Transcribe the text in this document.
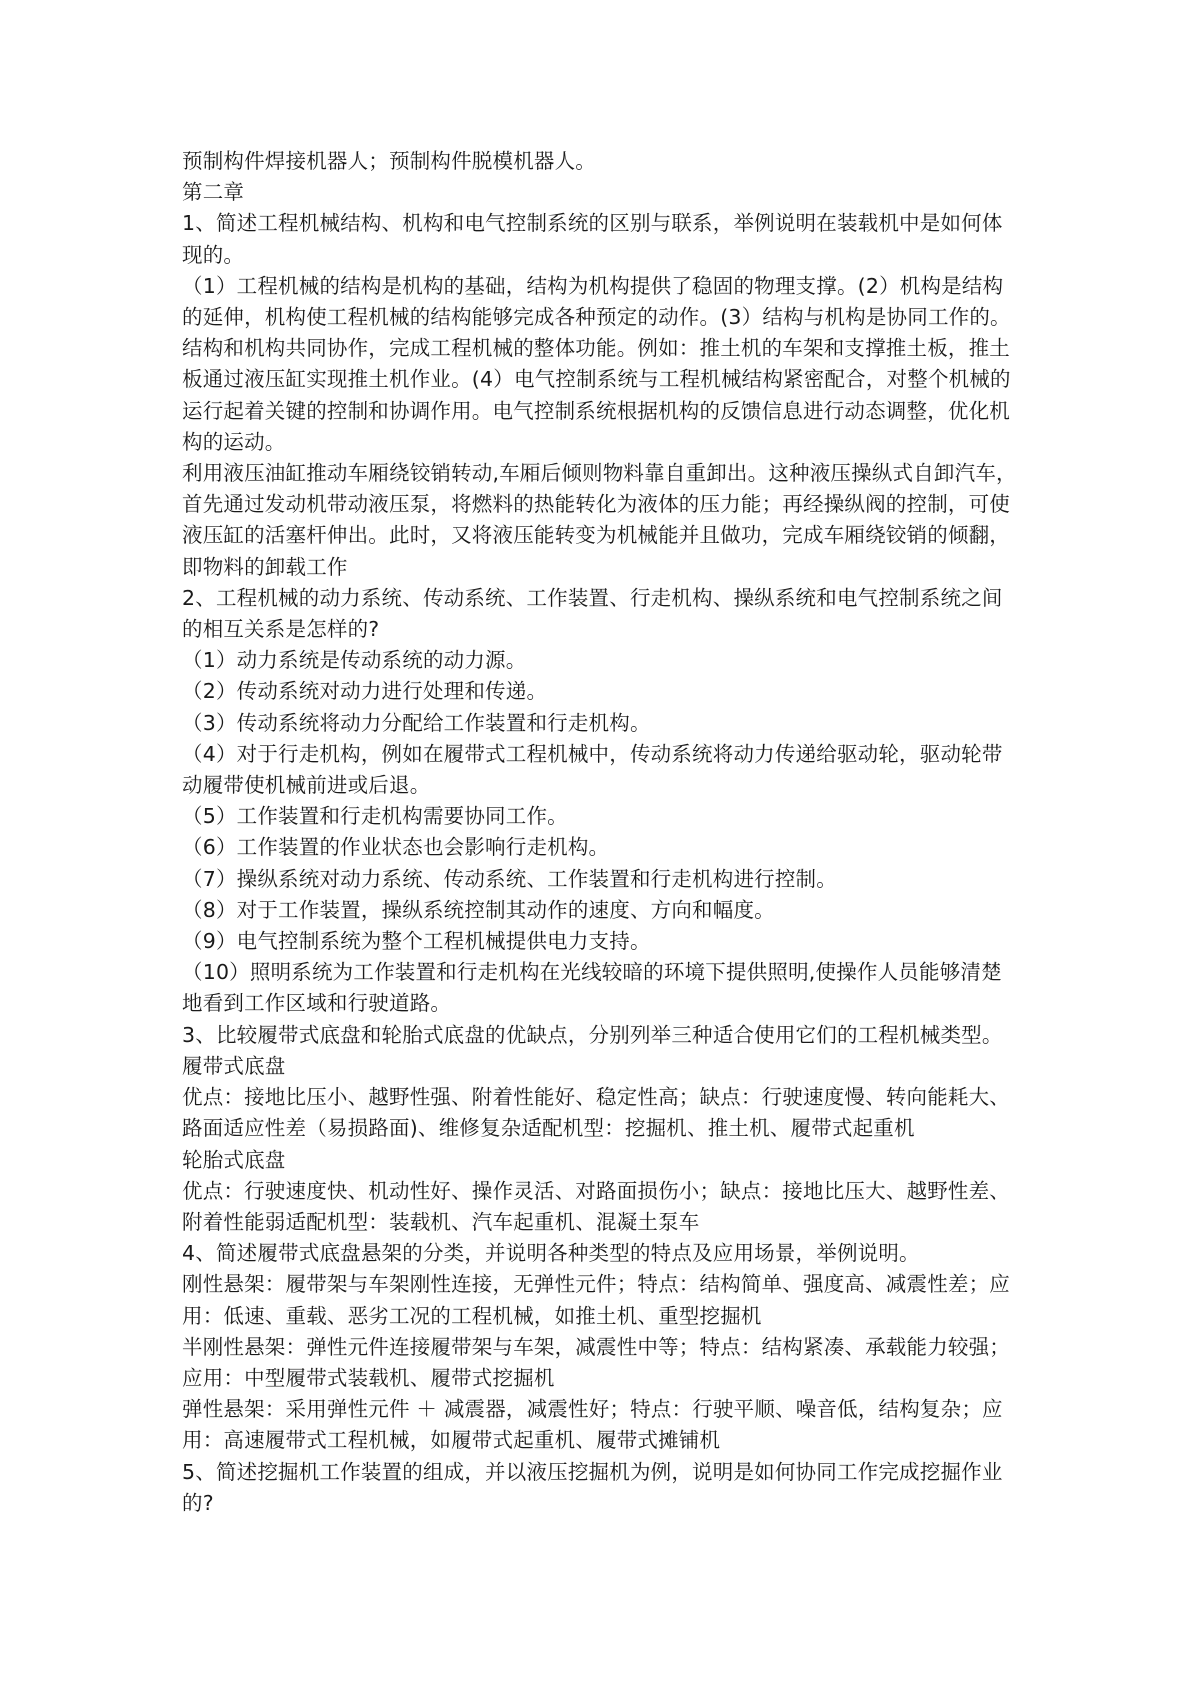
预制构件焊接机器人；预制构件脱模机器人。

第二章

1、简述工程机械结构、机构和电气控制系统的区别与联系，举例说明在装载机中是如何体现的。

（1）工程机械的结构是机构的基础，结构为机构提供了稳固的物理支撑。(2）机构是结构的延伸，机构使工程机械的结构能够完成各种预定的动作。(3）结构与机构是协同工作的。结构和机构共同协作，完成工程机械的整体功能。例如：推土机的车架和支撑推土板，推土板通过液压缸实现推土机作业。(4）电气控制系统与工程机械结构紧密配合，对整个机械的运行起着关键的控制和协调作用。电气控制系统根据机构的反馈信息进行动态调整，优化机构的运动。

利用液压油缸推动车厢绕铰销转动,车厢后倾则物料靠自重卸出。这种液压操纵式自卸汽车，首先通过发动机带动液压泵，将燃料的热能转化为液体的压力能；再经操纵阀的控制，可使液压缸的活塞杆伸出。此时，又将液压能转变为机械能并且做功，完成车厢绕铰销的倾翻，即物料的卸载工作

2、工程机械的动力系统、传动系统、工作装置、行走机构、操纵系统和电气控制系统之间的相互关系是怎样的?

（1）动力系统是传动系统的动力源。

（2）传动系统对动力进行处理和传递。

（3）传动系统将动力分配给工作装置和行走机构。

（4）对于行走机构，例如在履带式工程机械中，传动系统将动力传递给驱动轮，驱动轮带动履带使机械前进或后退。

（5）工作装置和行走机构需要协同工作。

（6）工作装置的作业状态也会影响行走机构。

（7）操纵系统对动力系统、传动系统、工作装置和行走机构进行控制。

（8）对于工作装置，操纵系统控制其动作的速度、方向和幅度。

（9）电气控制系统为整个工程机械提供电力支持。

（10）照明系统为工作装置和行走机构在光线较暗的环境下提供照明,使操作人员能够清楚地看到工作区域和行驶道路。

3、比较履带式底盘和轮胎式底盘的优缺点，分别列举三种适合使用它们的工程机械类型。

履带式底盘

优点：接地比压小、越野性强、附着性能好、稳定性高；缺点：行驶速度慢、转向能耗大、路面适应性差（易损路面)、维修复杂适配机型：挖掘机、推土机、履带式起重机

轮胎式底盘

优点：行驶速度快、机动性好、操作灵活、对路面损伤小；缺点：接地比压大、越野性差、附着性能弱适配机型：装载机、汽车起重机、混凝土泵车

4、简述履带式底盘悬架的分类，并说明各种类型的特点及应用场景，举例说明。

刚性悬架：履带架与车架刚性连接，无弹性元件；特点：结构简单、强度高、减震性差；应用：低速、重载、恶劣工况的工程机械，如推土机、重型挖掘机

半刚性悬架：弹性元件连接履带架与车架，减震性中等；特点：结构紧凑、承载能力较强；应用：中型履带式装载机、履带式挖掘机

弹性悬架：采用弹性元件 ＋ 减震器，减震性好；特点：行驶平顺、噪音低，结构复杂；应用：高速履带式工程机械，如履带式起重机、履带式摊铺机

5、简述挖掘机工作装置的组成，并以液压挖掘机为例，说明是如何协同工作完成挖掘作业的?
